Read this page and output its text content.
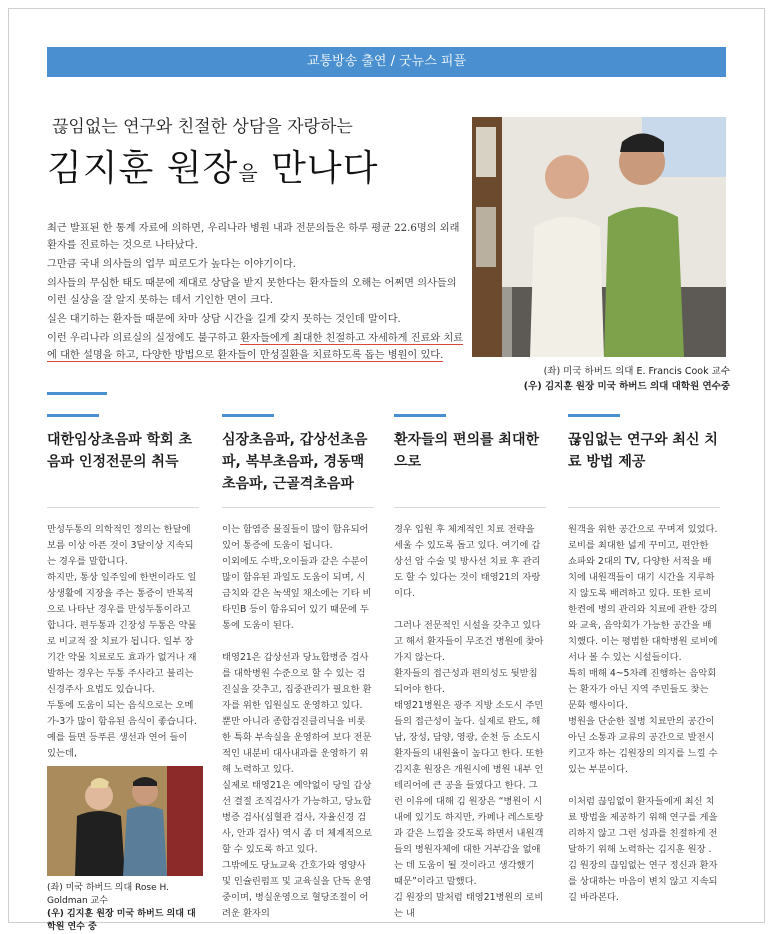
교통방송 출연 / 굿뉴스 피플
끊임없는 연구와 친절한 상담을 자랑하는
김지훈 원장을 만나다

최근 발표된 한 통계 자료에 의하면, 우리나라 병원 내과 전문의들은 하루 평균 22.6명의 외래환자를 진료하는 것으로 나타났다.

그만큼 국내 의사들의 업무 피로도가 높다는 이야기이다.

의사들의 무심한 태도 때문에 제대로 상담을 받지 못한다는 환자들의 오해는 어쩌면 의사들의 이런 실상을 잘 알지 못하는 데서 기인한 면이 크다.

실은 대기하는 환자들 때문에 차마 상담 시간을 길게 갖지 못하는 것인데 말이다.

이런 우리나라 의료실의 실정에도 불구하고 환자들에게 최대한 친절하고 자세하게 진료와 치료에 대한 설명을 하고, 다양한 방법으로 환자들이 만성질환을 치료하도록 돕는 병원이 있다.

(좌) 미국 하버드 의대 E. Francis Cook 교수
(우) 김지훈 원장 미국 하버드 의대 대학원 연수중
대한임상초음파 학회 초음파 인정전문의 취득

만성두통의 의학적인 정의는 한달에 보름 이상 아픈 것이 3달이상 지속되는 경우를 말합니다.

하지만, 통상 일주일에 한번이라도 일상생활에 지장을 주는 통증이 반복적으로 나타난 경우를 만성두통이라고 합니다. 편두통과 긴장성 두통은 약물로 비교적 잘 치료가 됩니다. 일부 장기간 약물 치료로도 효과가 없거나 재발하는 경우는 두통 주사라고 불리는 신경주사 요법도 있습니다.

두통에 도움이 되는 음식으로는 오메가-3가 많이 함유된 음식이 좋습니다.

예를 들면 등푸른 생선과 연어 들이 있는데,

(좌) 미국 하버드 의대 Rose H. Goldman 교수
(우) 김지훈 원장 미국 하버드 의대 대학원 연수 중
심장초음파, 갑상선초음파, 복부초음파, 경동맥초음파, 근골격초음파

이는 함염증 물질들이 많이 함유되어 있어 통증에 도움이 됩니다.

이외에도 수박,오이들과 같은 수분이 많이 함유된 과일도 도움이 되며, 시금치와 같은 녹색잎 채소에는 기타 비타민B 등이 함유되어 있기 때문에 두통에 도움이 된다.

태영21은 갑상선과 당뇨합병증 검사를 대학병원 수준으로 할 수 있는 검진실을 갖추고, 집중관리가 필요한 환자를 위한 입원실도 운영하고 있다. 뿐만 아니라 종합검진클리닉을 비롯한 특화 부속실을 운영하여 보다 전문적인 내분비 대사내과를 운영하기 위해 노력하고 있다.

실제로 태영21은 예약없이 당일 갑상선 결절 조직검사가 가능하고, 당뇨합병증 검사(심혈관 검사, 자율신경 검사, 안과 검사) 역시 좀 더 체계적으로 할 수 있도록 하고 있다.

그밖에도 당뇨교육 간호가와 영양사 및 인슐린펌프 및 교육실을 단독 운영 중이며, 병실운영으로 혈당조절이 어려운 환자의

환자들의 편의를 최대한으로

경우 입원 후 체계적인 치료 전략을 세울 수 있도록 돕고 있다. 여기에 갑상선 암 수술 및 방사선 치료 후 관리도 할 수 있다는 것이 태영21의 자랑이다.

그러나 전문적인 시설을 갖추고 있다고 해서 환자들이 무조건 병원에 찾아가지 않는다.

환자들의 접근성과 편의성도 뒷받침 되어야 한다.

태영21병원은 광주 지방 소도시 주민들의 접근성이 높다. 실제로 완도, 해남, 장성, 담양, 영광, 순천 등 소도시 환자들의 내원율이 높다고 한다. 또한 김지훈 원장은 개원시에 병원 내부 인테리어에 큰 공을 들였다고 한다. 그런 이유에 대해 김 원장은 “병원이 시내에 있기도 하지만, 카페나 레스토랑과 같은 느낌을 갖도록 하면서 내원객들의 병원자체에 대한 거부감을 없애는 데 도움이 될 것이라고 생각했기 때문”이라고 말했다.

김 원장의 말처럼 태영21병원의 로비는 내

끊임없는 연구와 최신 치료 방법 제공

원객을 위한 공간으로 꾸며져 있었다.

로비를 최대한 넓게 꾸미고, 편안한 쇼파와 2대의 TV, 다양한 서적을 배치에 내원객들이 대기 시간을 지루하지 않도록 배려하고 있다. 또한 로비 한켠에 병의 관리와 치료에 관한 강의와 교육, 음악회가 가능한 공간을 배치했다. 이는 평범한 대학병원 로비에서나 볼 수 있는 시설들이다.

특히 매해 4~5차례 진행하는 음악회는 환자가 아닌 지역 주민들도 찾는 문화 행사이다.

병원을 단순한 질병 치료만의 공간이 아닌 소통과 교류의 공간으로 발전시키고자 하는 김원장의 의지를 느낄 수 있는 부분이다.

이처럼 끊임없이 환자들에게 최신 치료 방법을 제공하기 위해 연구를 게을리하지 않고 그런 성과를 친절하게 전달하기 위해 노력하는 김지훈 원장 .

김 원장의 끊임없는 연구 정신과 환자를 상대하는 마음이 변치 않고 지속되길 바라본다.
